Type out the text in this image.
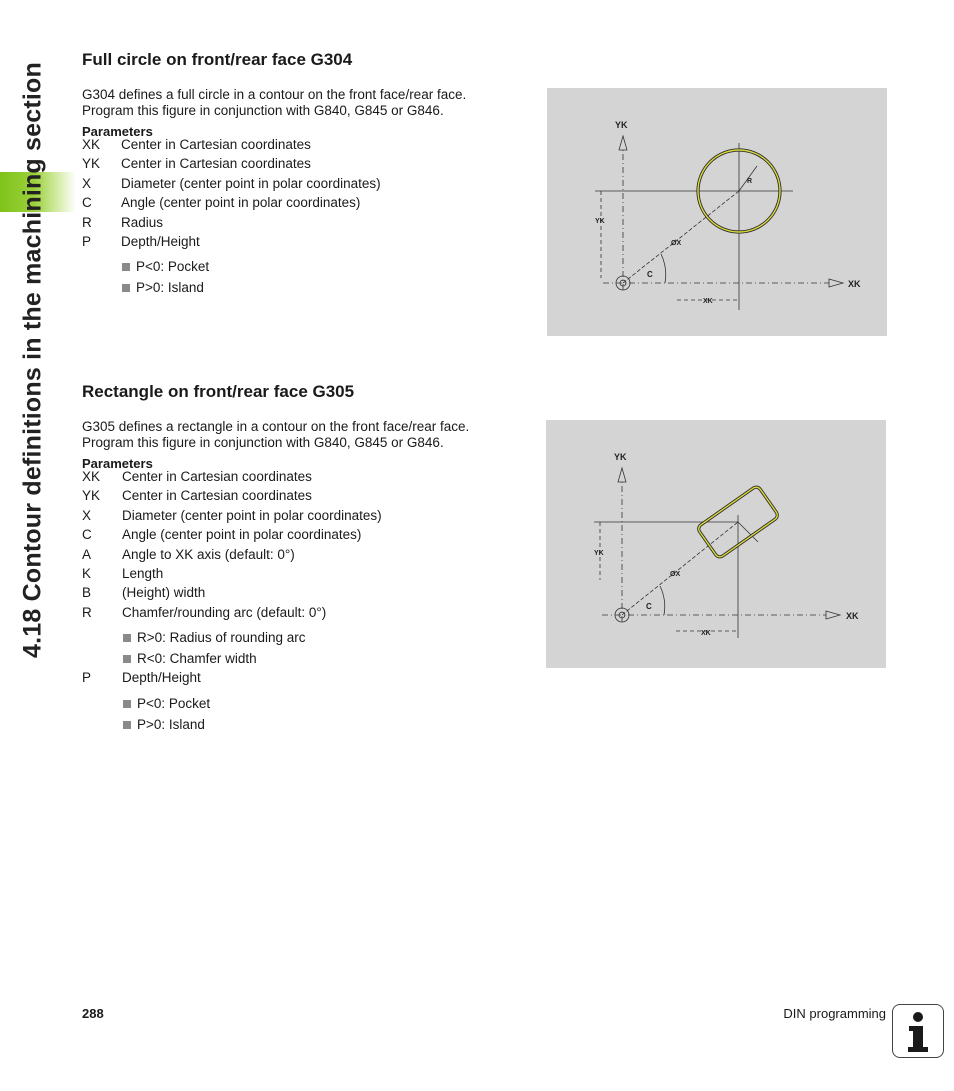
4.18 Contour definitions in the machining section
Full circle on front/rear face G304
G304 defines a full circle in a contour on the front face/rear face.
Program this figure in conjunction with G840, G845 or G846.
Parameters
XK	Center in Cartesian coordinates
YK	Center in Cartesian coordinates
X	Diameter (center point in polar coordinates)
C	Angle (center point in polar coordinates)
R	Radius
P	Depth/Height
P<0: Pocket
P>0: Island
YK
XK
YK
XK
ØX
C
R
Rectangle on front/rear face G305
G305 defines a rectangle in a contour on the front face/rear face.
Program this figure in conjunction with G840, G845 or G846.
Parameters
XK	Center in Cartesian coordinates
YK	Center in Cartesian coordinates
X	Diameter (center point in polar coordinates)
C	Angle (center point in polar coordinates)
A	Angle to XK axis (default: 0°)
K	Length
B	(Height) width
R	Chamfer/rounding arc (default: 0°)
R>0: Radius of rounding arc
R<0: Chamfer width
P	Depth/Height
P<0: Pocket
P>0: Island
YK
XK
YK
XK
ØX
C
288	DIN programming
